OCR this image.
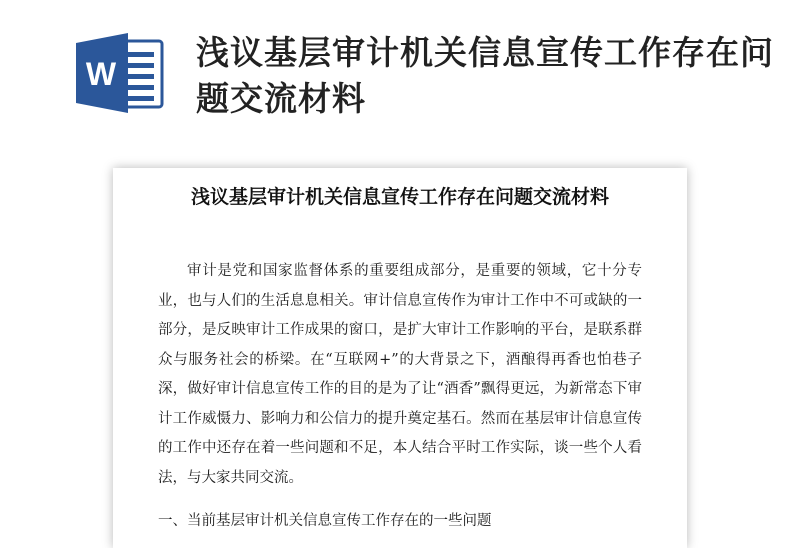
W
浅议基层审计机关信息宣传工作存在问题交流材料
浅议基层审计机关信息宣传工作存在问题交流材料

审计是党和国家监督体系的重要组成部分，是重要的领域，它十分专业，也与人们的生活息息相关。审计信息宣传作为审计工作中不可或缺的一部分，是反映审计工作成果的窗口，是扩大审计工作影响的平台，是联系群众与服务社会的桥梁。在“互联网+”的大背景之下，酒酿得再香也怕巷子深，做好审计信息宣传工作的目的是为了让“酒香”飘得更远，为新常态下审计工作威慑力、影响力和公信力的提升奠定基石。然而在基层审计信息宣传的工作中还存在着一些问题和不足，本人结合平时工作实际，谈一些个人看法，与大家共同交流。

一、当前基层审计机关信息宣传工作存在的一些问题
